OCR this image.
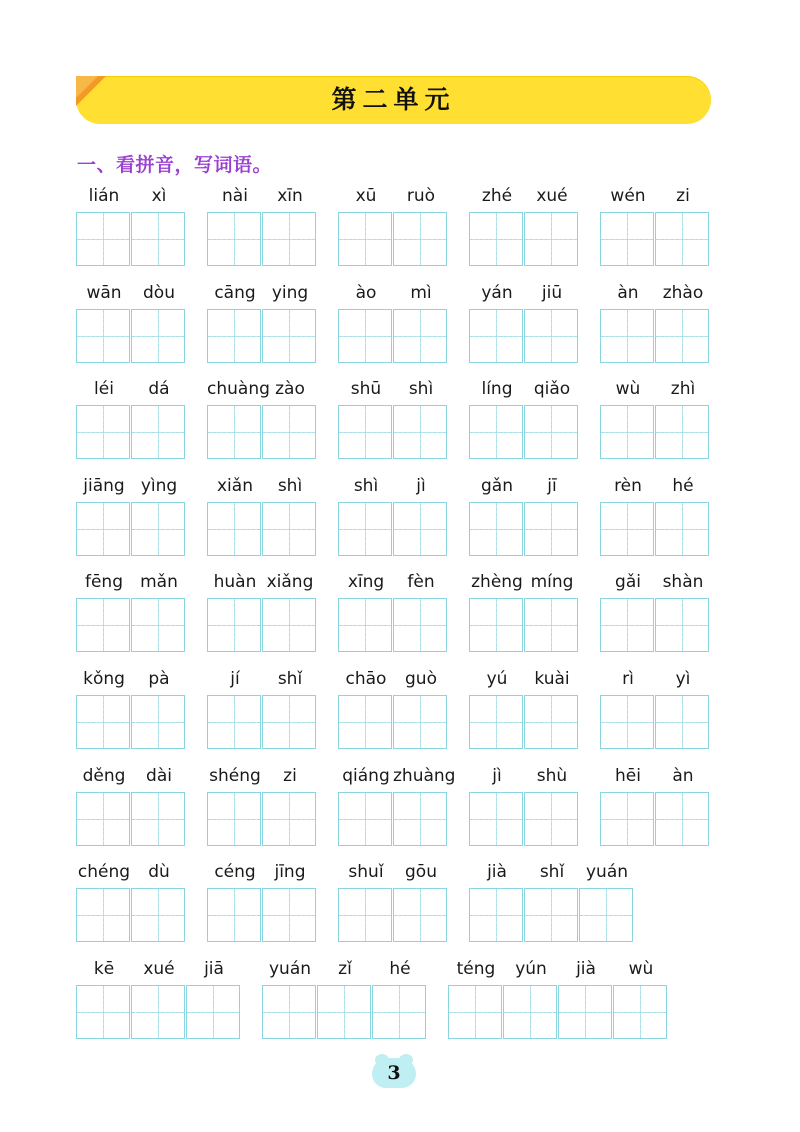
第二单元
一、看拼音，写词语。
lián	xì	nài	xīn	xū	ruò	zhé	xué	wén	zi
wān	dòu	cāng ying	ào	mì	yán	jiū	àn	zhào
léi	dá	chuàng zào	shū	shì	líng	qiǎo	wù	zhì
jiāng yìng	xiǎn	shì	shì	jì	gǎn	jī	rèn	hé
fēng	mǎn	huàn xiǎng	xīng	fèn	zhèng míng	gǎi	shàn
kǒng	pà	jí	shǐ	chāo	guò	yú	kuài	rì	yì
děng	dài	shéng	zi	qiáng zhuàng	jì	shù	hēi	àn
chéng	dù	céng	jīng	shuǐ	gōu	jià	shǐ	yuán
kē	xué	jiā	yuán	zǐ	hé	téng	yún	jià	wù
3
